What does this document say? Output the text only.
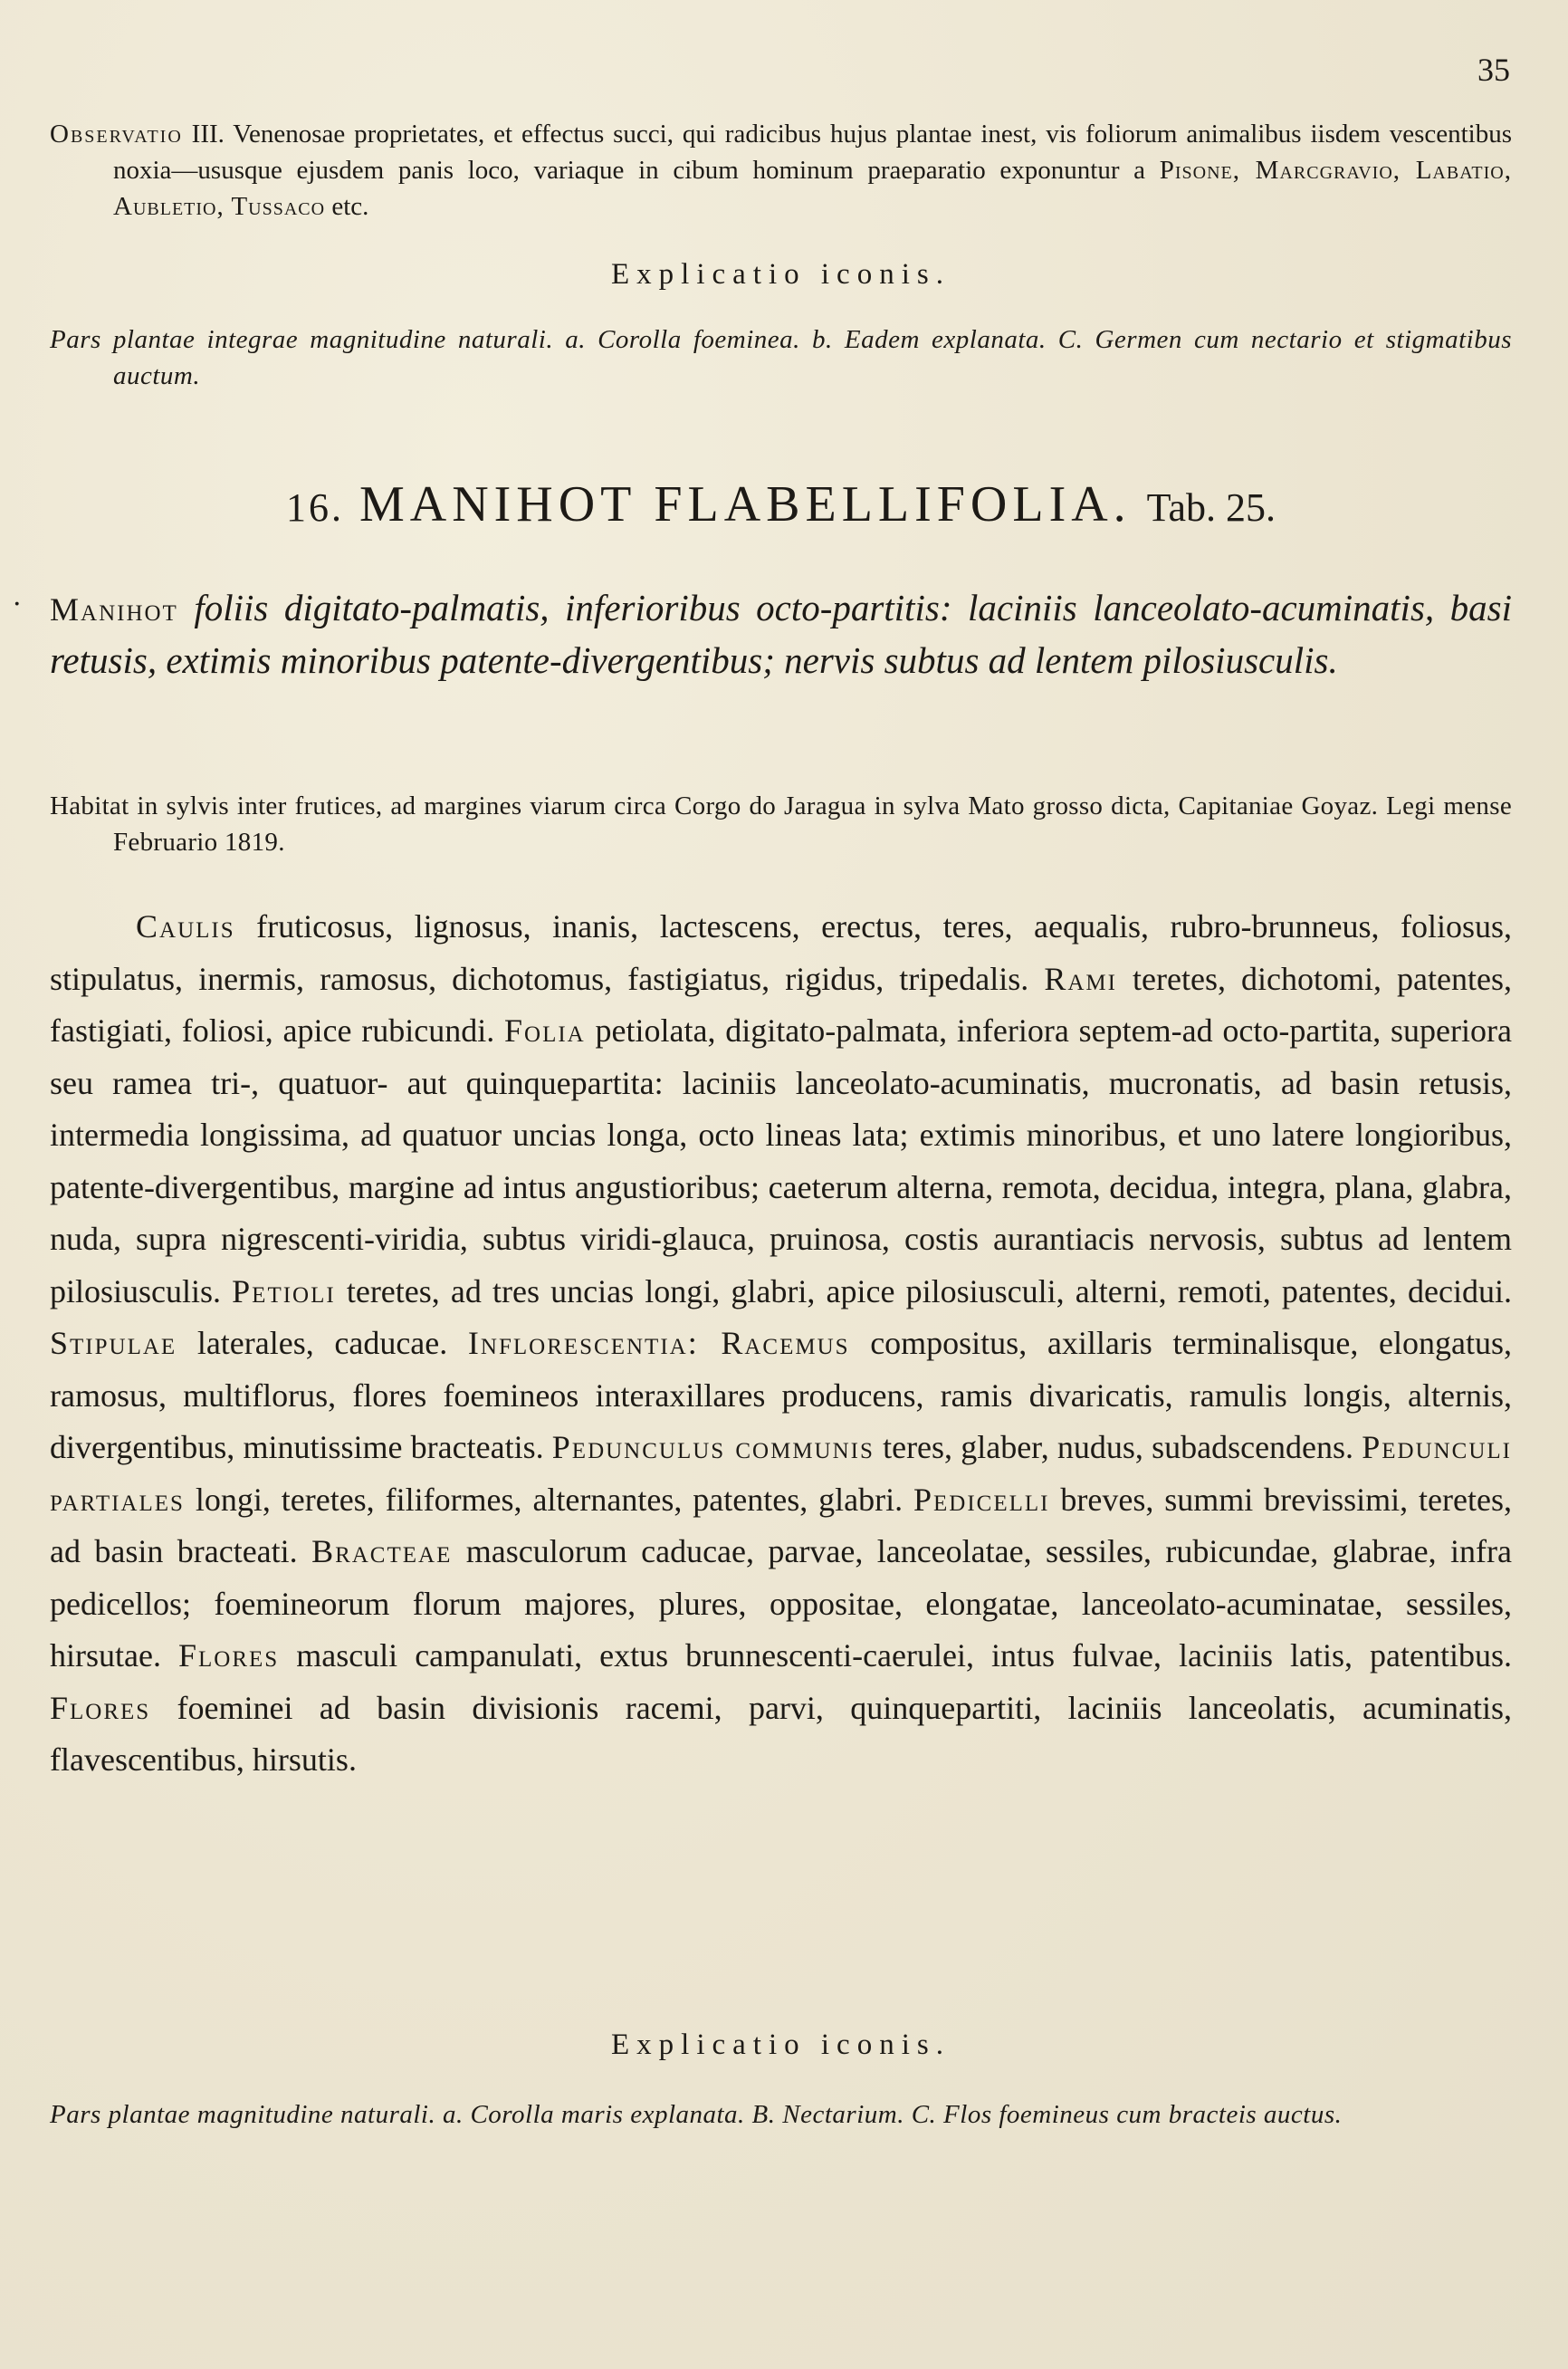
35
Observatio III. Venenosae proprietates, et effectus succi, qui radicibus hujus plantae inest, vis foliorum animalibus iisdem vescentibus noxia—ususque ejusdem panis loco, variaque in cibum hominum praeparatio exponuntur a Pisone, Marcgravio, Labatio, Aubletio, Tussaco etc.
Explicatio iconis.
Pars plantae integrae magnitudine naturali. a. Corolla foeminea. b. Eadem explanata. C. Germen cum nectario et stigmatibus auctum.
16. MANIHOT FLABELLIFOLIA. Tab. 25.
· Manihot foliis digitato-palmatis, inferioribus octo-partitis: laciniis lanceolato-acuminatis, basi retusis, extimis minoribus patente-divergentibus; nervis subtus ad lentem pilosiusculis.
Habitat in sylvis inter frutices, ad margines viarum circa Corgo do Jaragua in sylva Mato grosso dicta, Capitaniae Goyaz. Legi mense Februario 1819.

Caulis fruticosus, lignosus, inanis, lactescens, erectus, teres, aequalis, rubro-brunneus, foliosus, stipulatus, inermis, ramosus, dichotomus, fastigiatus, rigidus, tripedalis. Rami teretes, dichotomi, patentes, fastigiati, foliosi, apice rubicundi. Folia petiolata, digitato-palmata, inferiora septem-ad octo-partita, superiora seu ramea tri-, quatuor- aut quinquepartita: laciniis lanceolato-acuminatis, mucronatis, ad basin retusis, intermedia longissima, ad quatuor uncias longa, octo lineas lata; extimis minoribus, et uno latere longioribus, patente-divergentibus, margine ad intus angustioribus; caeterum alterna, remota, decidua, integra, plana, glabra, nuda, supra nigrescenti-viridia, subtus viridi-glauca, pruinosa, costis aurantiacis nervosis, subtus ad lentem pilosiusculis. Petioli teretes, ad tres uncias longi, glabri, apice pilosiusculi, alterni, remoti, patentes, decidui. Stipulae laterales, caducae. Inflorescentia: Racemus compositus, axillaris terminalisque, elongatus, ramosus, multiflorus, flores foemineos interaxillares producens, ramis divaricatis, ramulis longis, alternis, divergentibus, minutissime bracteatis. Pedunculus communis teres, glaber, nudus, subadscendens. Pedunculi partiales longi, teretes, filiformes, alternantes, patentes, glabri. Pedicelli breves, summi brevissimi, teretes, ad basin bracteati. Bracteae masculorum caducae, parvae, lanceolatae, sessiles, rubicundae, glabrae, infra pedicellos; foemineorum florum majores, plures, oppositae, elongatae, lanceolato-acuminatae, sessiles, hirsutae. Flores masculi campanulati, extus brunnescenti-caerulei, intus fulvae, laciniis latis, patentibus. Flores foeminei ad basin divisionis racemi, parvi, quinquepartiti, laciniis lanceolatis, acuminatis, flavescentibus, hirsutis.

Explicatio iconis.
Pars plantae magnitudine naturali. a. Corolla maris explanata. B. Nectarium. C. Flos foemineus cum bracteis auctus.
